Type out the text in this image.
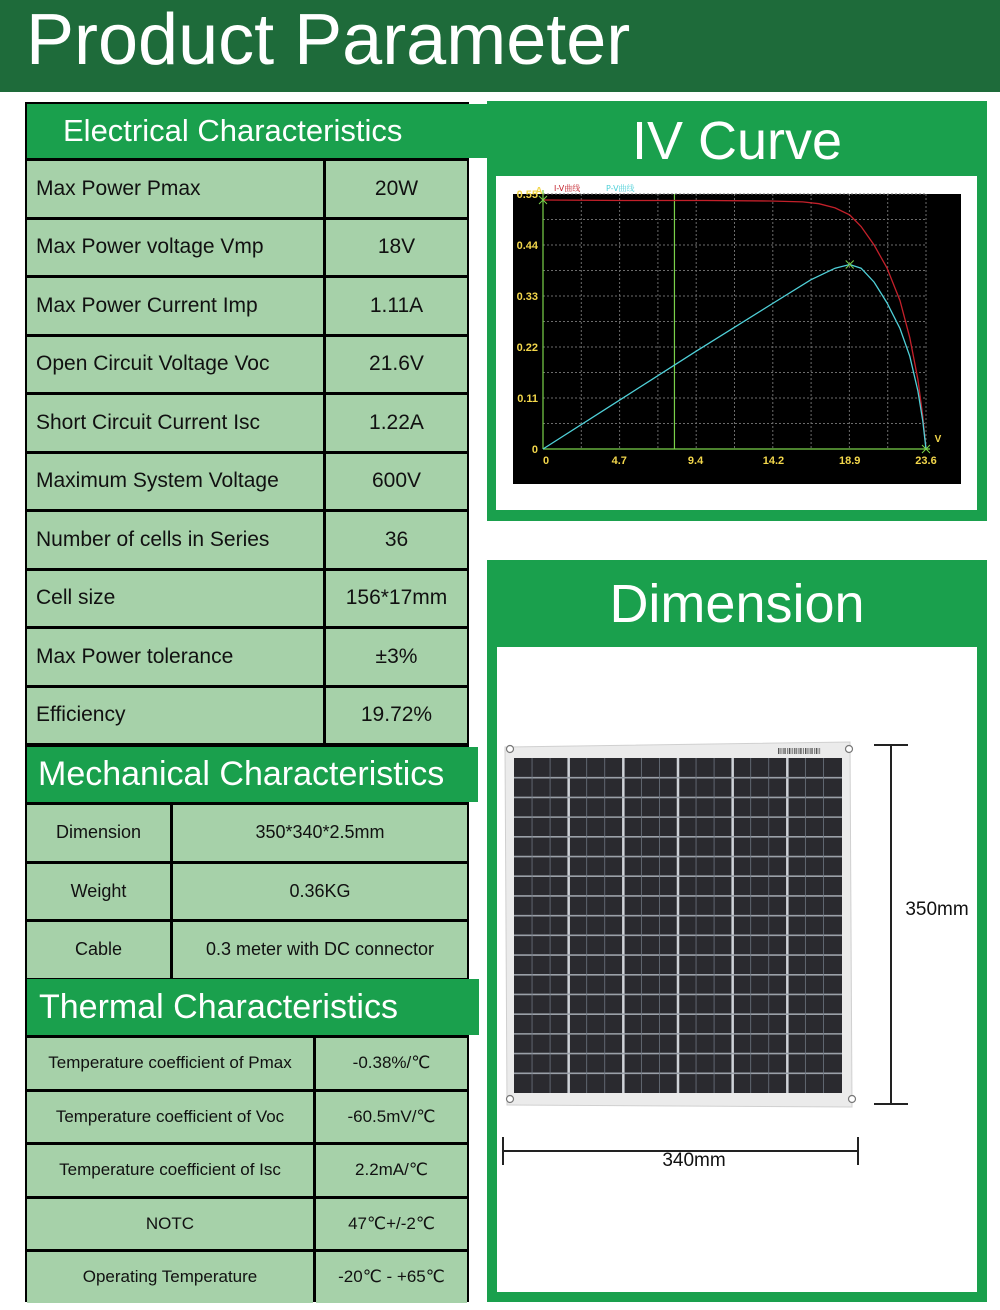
Product Parameter
Electrical Characteristics
Max Power Pmax	20W
Max Power voltage Vmp	18V
Max Power Current Imp	1.11A
Open Circuit Voltage Voc	21.6V
Short Circuit Current Isc	1.22A
Maximum System Voltage	600V
Number of cells in Series	36
Cell size	156*17mm
Max Power tolerance	±3%
Efficiency	19.72%
Mechanical Characteristics
Dimension	350*340*2.5mm
Weight	0.36KG
Cable	0.3 meter with DC connector
Thermal Characteristics
Temperature coefficient of Pmax	-0.38%/℃
Temperature coefficient of Voc	-60.5mV/℃
Temperature coefficient of Isc	2.2mA/℃
NOTC	47℃+/-2℃
Operating Temperature	-20℃ - +65℃
IV Curve
0	4.7	9.4	14.2	18.9	23.6
0
0.11
0.22
0.33
0.44
0.55
A
V
I-V曲线	P-V曲线
Dimension
350mm
340mm
